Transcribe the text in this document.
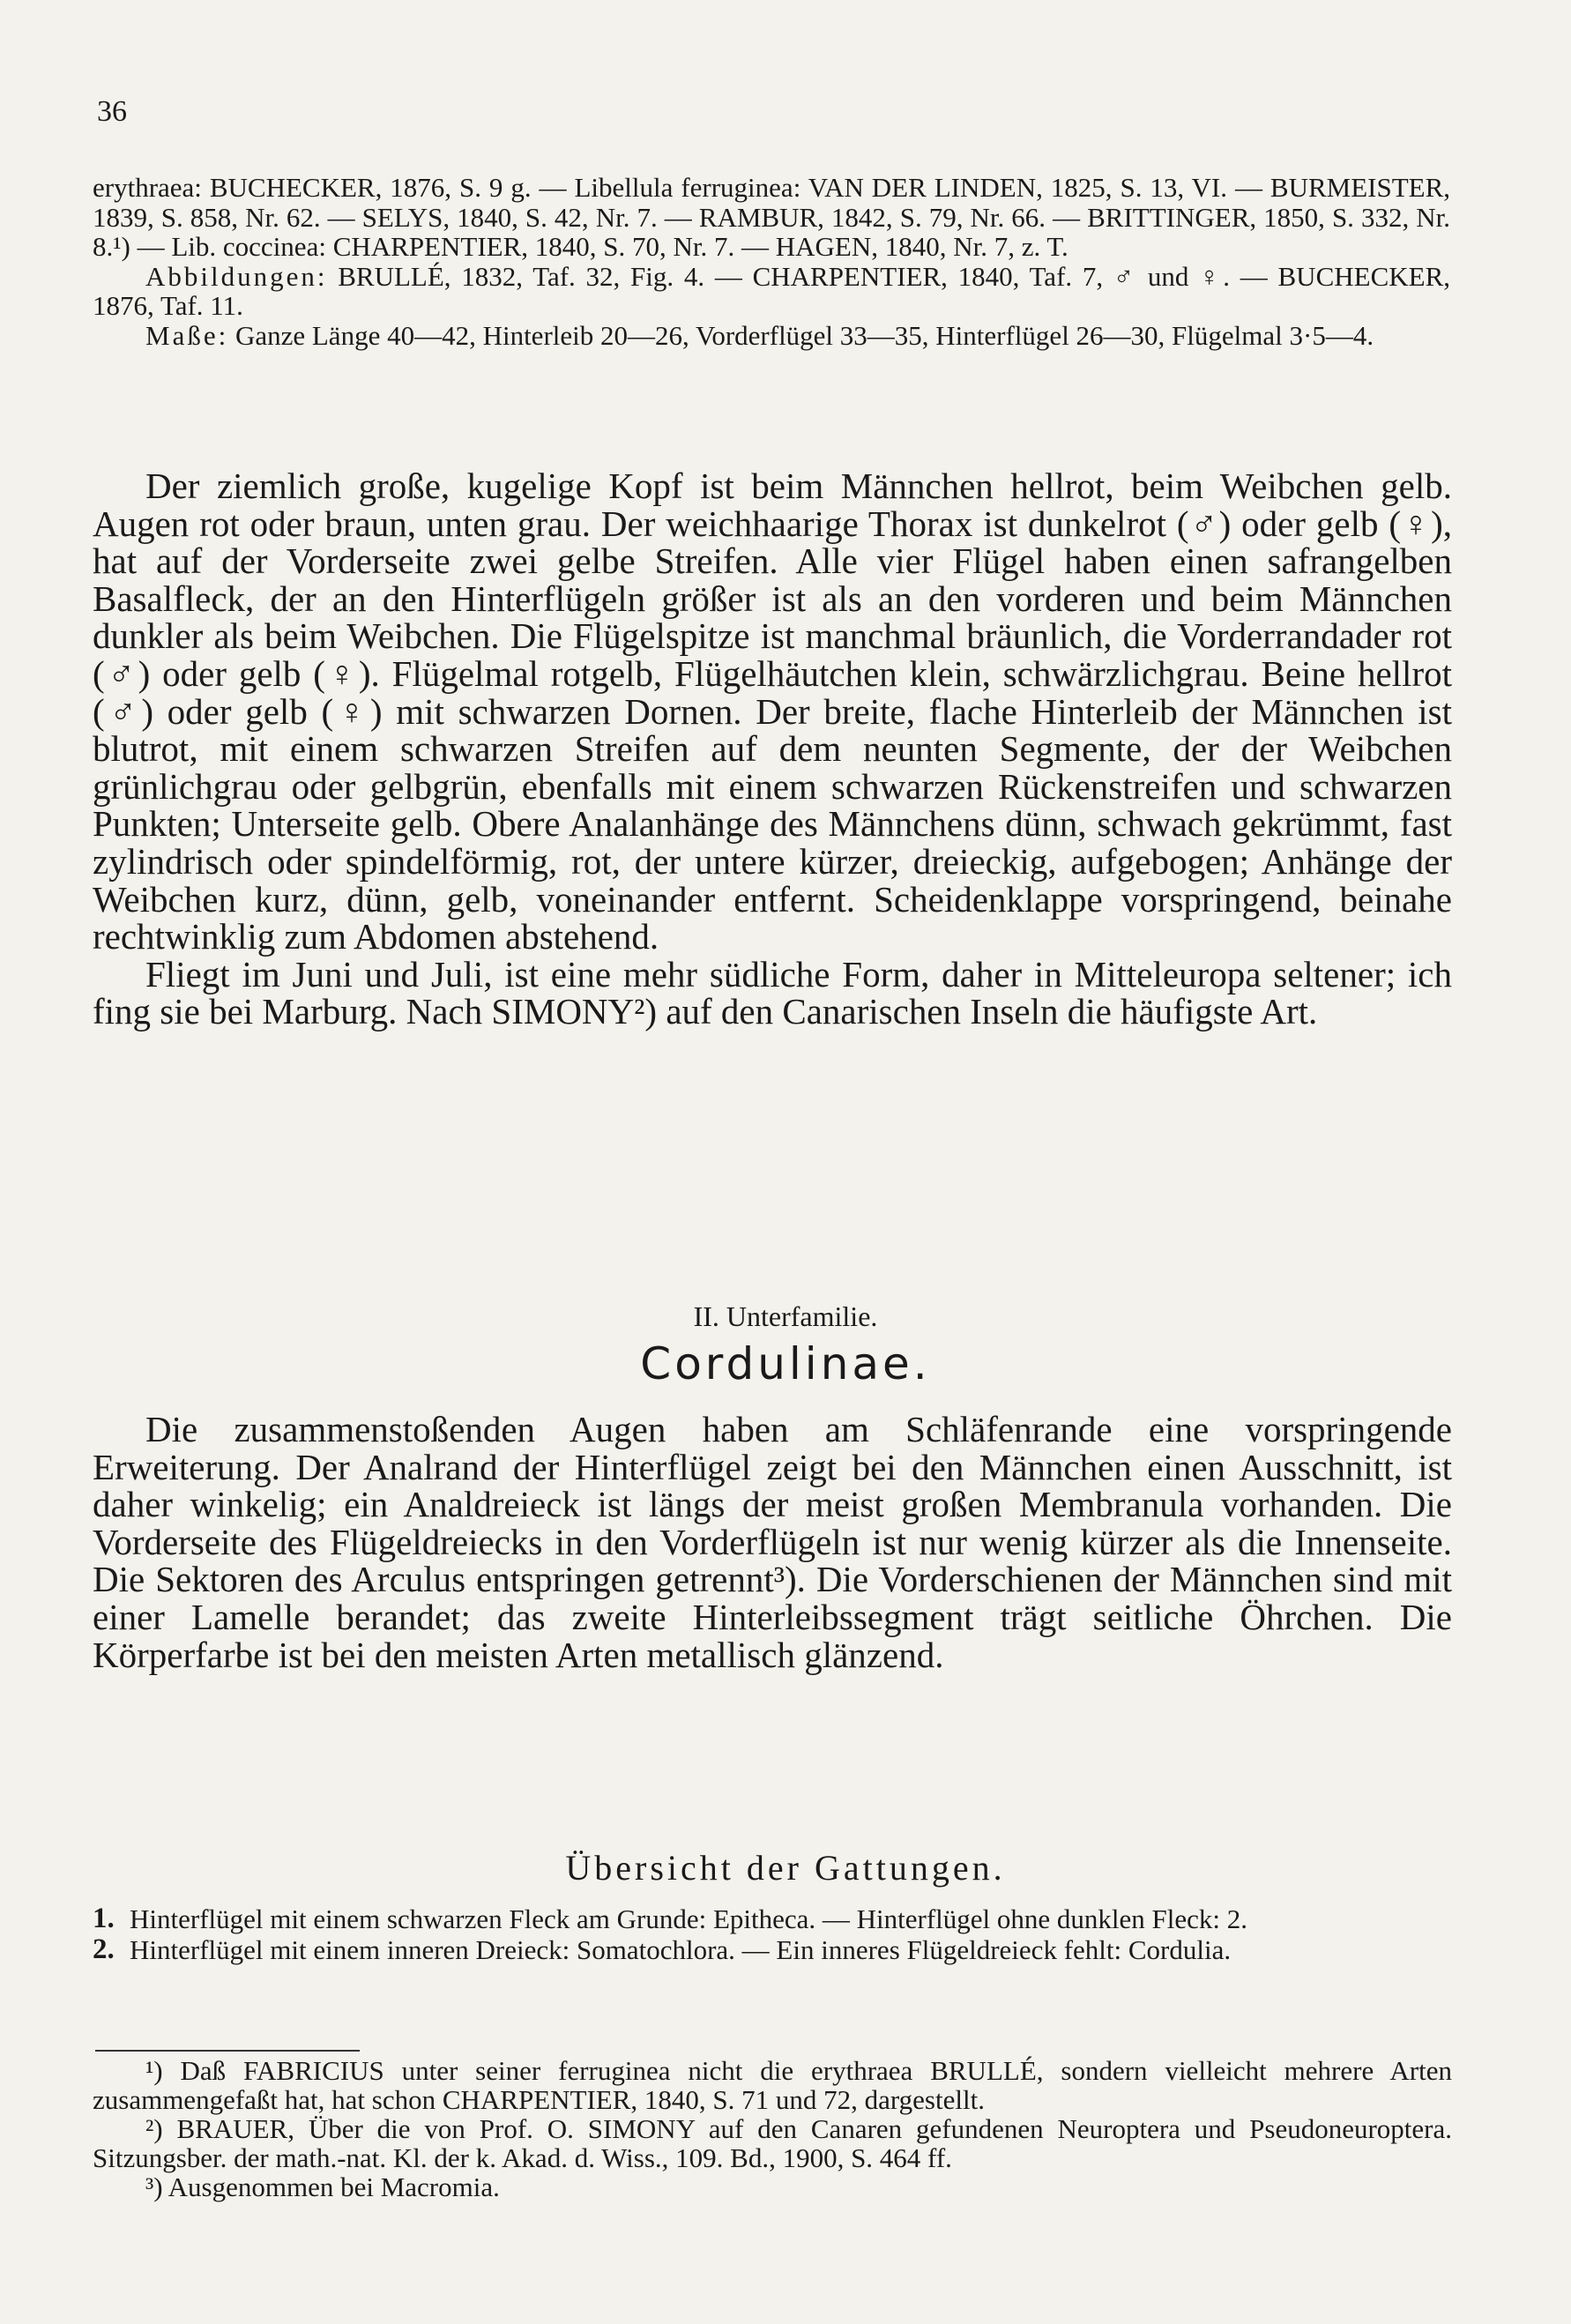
36

erythraea: BUCHECKER, 1876, S. 9 g. — Libellula ferruginea: VAN DER LINDEN, 1825, S. 13, VI. — BURMEISTER, 1839, S. 858, Nr. 62. — SELYS, 1840, S. 42, Nr. 7. — RAMBUR, 1842, S. 79, Nr. 66. — BRITTINGER, 1850, S. 332, Nr. 8.¹) — Lib. coccinea: CHARPENTIER, 1840, S. 70, Nr. 7. — HAGEN, 1840, Nr. 7, z. T.

Abbildungen: BRULLÉ, 1832, Taf. 32, Fig. 4. — CHARPENTIER, 1840, Taf. 7, ♂ und ♀. — BUCHECKER, 1876, Taf. 11.

Maße: Ganze Länge 40—42, Hinterleib 20—26, Vorderflügel 33—35, Hinterflügel 26—30, Flügelmal 3·5—4.

Der ziemlich große, kugelige Kopf ist beim Männchen hellrot, beim Weibchen gelb. Augen rot oder braun, unten grau. Der weichhaarige Thorax ist dunkelrot (♂) oder gelb (♀), hat auf der Vorderseite zwei gelbe Streifen. Alle vier Flügel haben einen safrangelben Basalfleck, der an den Hinterflügeln größer ist als an den vorderen und beim Männchen dunkler als beim Weibchen. Die Flügelspitze ist manchmal bräunlich, die Vorderrandader rot (♂) oder gelb (♀). Flügelmal rotgelb, Flügelhäutchen klein, schwärzlichgrau. Beine hellrot (♂) oder gelb (♀) mit schwarzen Dornen. Der breite, flache Hinterleib der Männchen ist blutrot, mit einem schwarzen Streifen auf dem neunten Segmente, der der Weibchen grünlichgrau oder gelbgrün, ebenfalls mit einem schwarzen Rückenstreifen und schwarzen Punkten; Unterseite gelb. Obere Analanhänge des Männchens dünn, schwach gekrümmt, fast zylindrisch oder spindelförmig, rot, der untere kürzer, dreieckig, aufgebogen; Anhänge der Weibchen kurz, dünn, gelb, voneinander entfernt. Scheidenklappe vorspringend, beinahe rechtwinklig zum Abdomen abstehend.

Fliegt im Juni und Juli, ist eine mehr südliche Form, daher in Mitteleuropa seltener; ich fing sie bei Marburg. Nach SIMONY²) auf den Canarischen Inseln die häufigste Art.

II. Unterfamilie.
Cordulinae.

Die zusammenstoßenden Augen haben am Schläfenrande eine vorspringende Erweiterung. Der Analrand der Hinterflügel zeigt bei den Männchen einen Ausschnitt, ist daher winkelig; ein Analdreieck ist längs der meist großen Membranula vorhanden. Die Vorderseite des Flügeldreiecks in den Vorderflügeln ist nur wenig kürzer als die Innenseite. Die Sektoren des Arculus entspringen getrennt³). Die Vorderschienen der Männchen sind mit einer Lamelle berandet; das zweite Hinterleibssegment trägt seitliche Öhrchen. Die Körperfarbe ist bei den meisten Arten metallisch glänzend.

Übersicht der Gattungen.
1. Hinterflügel mit einem schwarzen Fleck am Grunde: Epitheca. — Hinterflügel ohne dunklen Fleck: 2.
2. Hinterflügel mit einem inneren Dreieck: Somatochlora. — Ein inneres Flügeldreieck fehlt: Cordulia.

¹) Daß FABRICIUS unter seiner ferruginea nicht die erythraea BRULLÉ, sondern vielleicht mehrere Arten zusammengefaßt hat, hat schon CHARPENTIER, 1840, S. 71 und 72, dargestellt.

²) BRAUER, Über die von Prof. O. SIMONY auf den Canaren gefundenen Neuroptera und Pseudoneuroptera. Sitzungsber. der math.-nat. Kl. der k. Akad. d. Wiss., 109. Bd., 1900, S. 464 ff.

³) Ausgenommen bei Macromia.
